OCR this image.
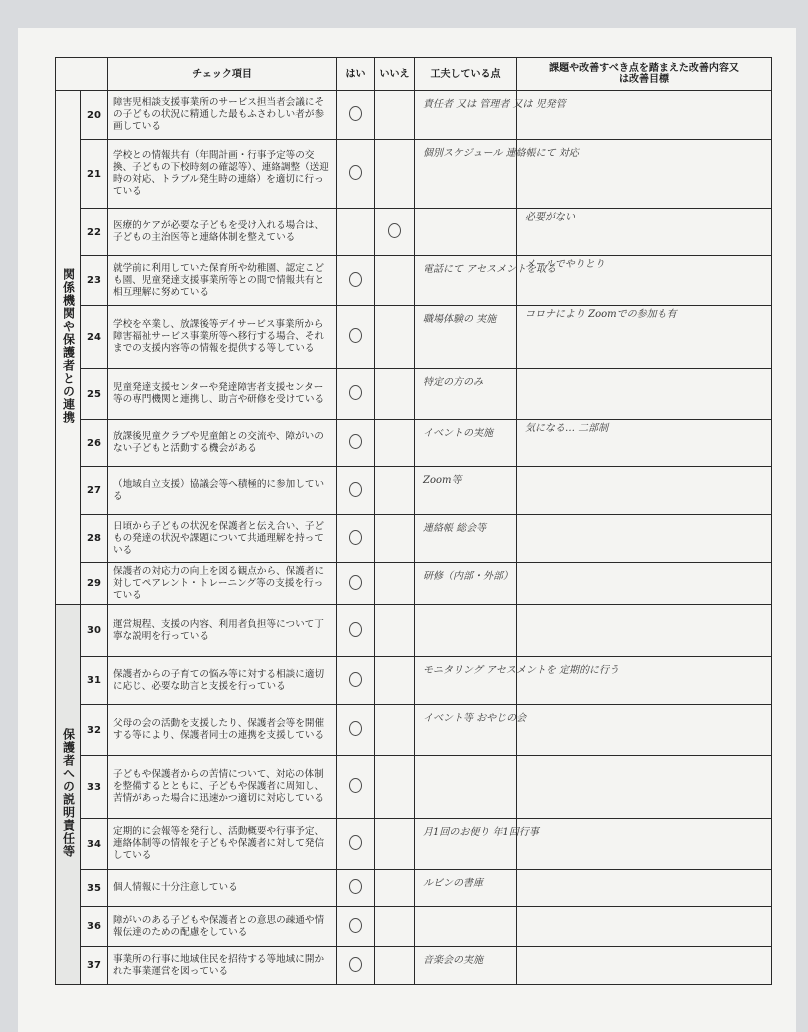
		チェック項目	はい	いいえ	工夫している点	課題や改善すべき点を踏まえた改善内容又は改善目標
関係機関や保護者との連携	20	障害児相談支援事業所のサービス担当者会議にその子どもの状況に精通した最もふさわしい者が参画している			責任者 又は 管理者 又は 児発管	
	21	学校との情報共有（年間計画・行事予定等の交換、子どもの下校時刻の確認等）、連絡調整（送迎時の対応、トラブル発生時の連絡）を適切に行っている			個別スケジュール 連絡帳にて 対応	
	22	医療的ケアが必要な子どもを受け入れる場合は、子どもの主治医等と連絡体制を整えている				必要がない
	23	就学前に利用していた保育所や幼稚園、認定こども園、児童発達支援事業所等との間で情報共有と相互理解に努めている			電話にて アセスメントを取る	メールでやりとり
	24	学校を卒業し、放課後等デイサービス事業所から障害福祉サービス事業所等へ移行する場合、それまでの支援内容等の情報を提供する等している			職場体験の 実施	コロナにより Zoomでの参加も有
	25	児童発達支援センターや発達障害者支援センター等の専門機関と連携し、助言や研修を受けている			特定の方のみ	
	26	放課後児童クラブや児童館との交流や、障がいのない子どもと活動する機会がある			イベントの実施	気になる… 二部制
	27	（地域自立支援）協議会等へ積極的に参加している			Zoom等	
	28	日頃から子どもの状況を保護者と伝え合い、子どもの発達の状況や課題について共通理解を持っている			連絡帳 総会等	
	29	保護者の対応力の向上を図る観点から、保護者に対してペアレント・トレーニング等の支援を行っている			研修（内部・外部）	
保護者への説明責任等	30	運営規程、支援の内容、利用者負担等について丁寧な説明を行っている				
	31	保護者からの子育ての悩み等に対する相談に適切に応じ、必要な助言と支援を行っている			モニタリング アセスメントを 定期的に行う	
	32	父母の会の活動を支援したり、保護者会等を開催する等により、保護者同士の連携を支援している			イベント等 おやじの会	
	33	子どもや保護者からの苦情について、対応の体制を整備するとともに、子どもや保護者に周知し、苦情があった場合に迅速かつ適切に対応している				
	34	定期的に会報等を発行し、活動概要や行事予定、連絡体制等の情報を子どもや保護者に対して発信している			月1回のお便り 年1回行事	
	35	個人情報に十分注意している			ルビンの書庫	
	36	障がいのある子どもや保護者との意思の疎通や情報伝達のための配慮をしている				
	37	事業所の行事に地域住民を招待する等地域に開かれた事業運営を図っている			音楽会の実施	
